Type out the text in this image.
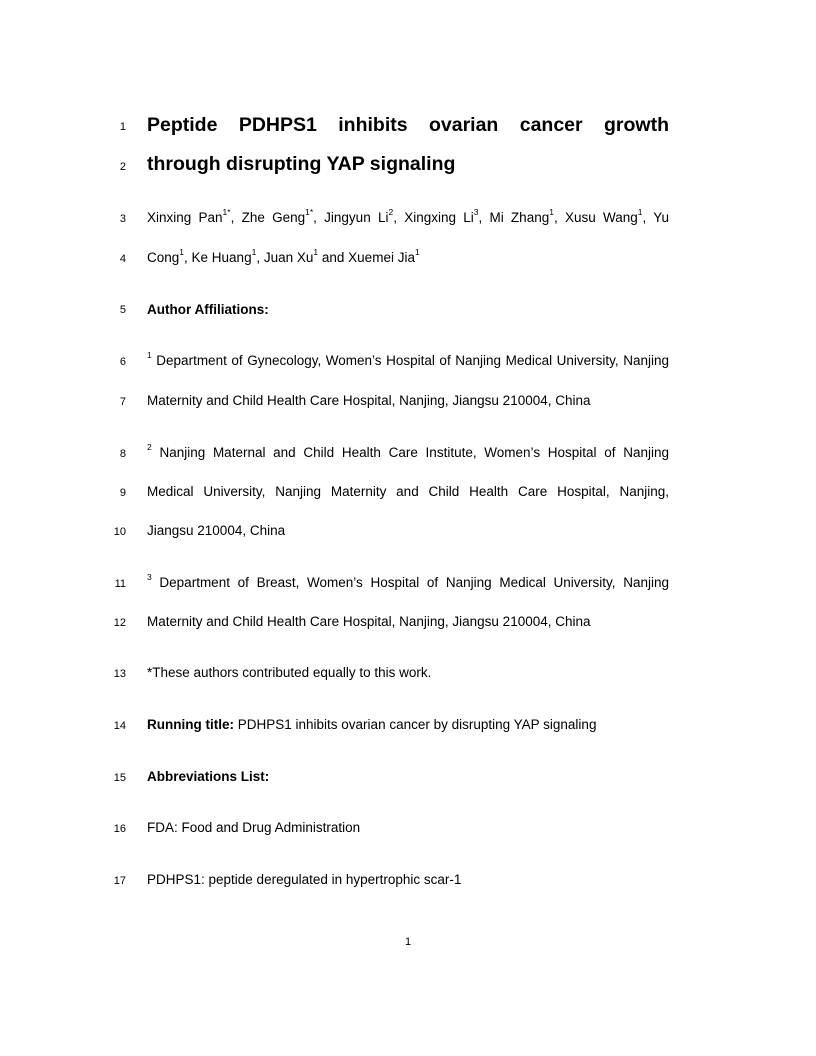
1
2
3
4
5
6
7
8
9
10
11
12
13
14
15
16
17
Peptide PDHPS1 inhibits ovarian cancer growth
through disrupting YAP signaling
Xinxing Pan$^{1*}$, Zhe Geng$^{1*}$, Jingyun Li$^2$, Xingxing Li$^3$, Mi Zhang$^1$, Xusu Wang$^1$, Yu
Cong$^1$, Ke Huang$^1$, Juan Xu$^1$ and Xuemei Jia$^1$
Author Affiliations:
$^1$ Department of Gynecology, Women’s Hospital of Nanjing Medical University, Nanjing
Maternity and Child Health Care Hospital, Nanjing, Jiangsu 210004, China
$^2$ Nanjing Maternal and Child Health Care Institute, Women’s Hospital of Nanjing
Medical University, Nanjing Maternity and Child Health Care Hospital, Nanjing,
Jiangsu 210004, China
$^3$ Department of Breast, Women’s Hospital of Nanjing Medical University, Nanjing
Maternity and Child Health Care Hospital, Nanjing, Jiangsu 210004, China
*These authors contributed equally to this work.
Running title: PDHPS1 inhibits ovarian cancer by disrupting YAP signaling
Abbreviations List:
FDA: Food and Drug Administration
PDHPS1: peptide deregulated in hypertrophic scar-1
1
